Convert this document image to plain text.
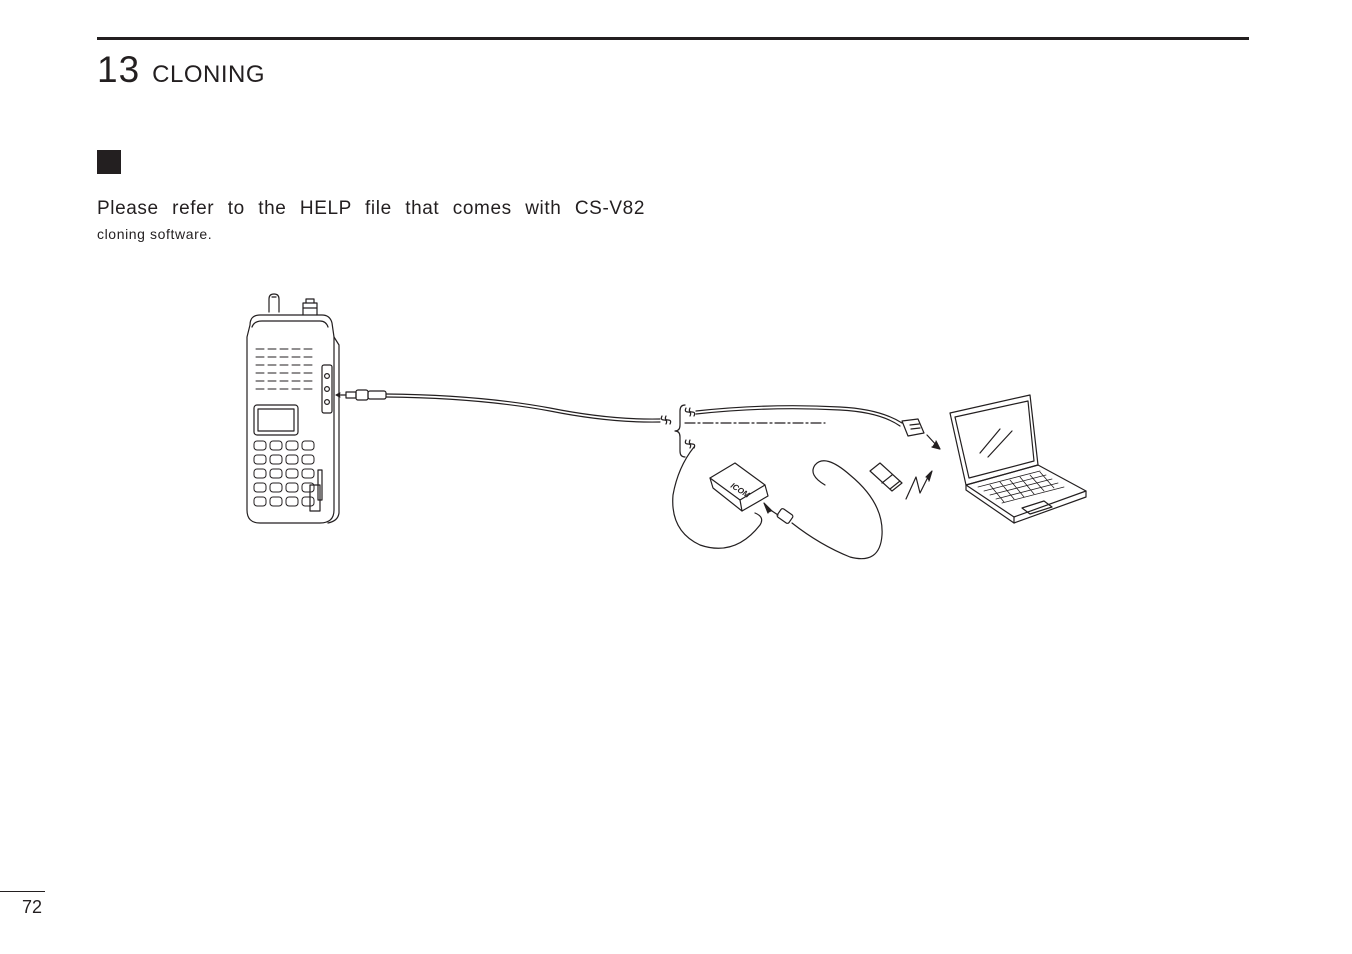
13 CLONING
Please refer to the HELP file that comes with CS-V82
cloning software.
ICOM
72
